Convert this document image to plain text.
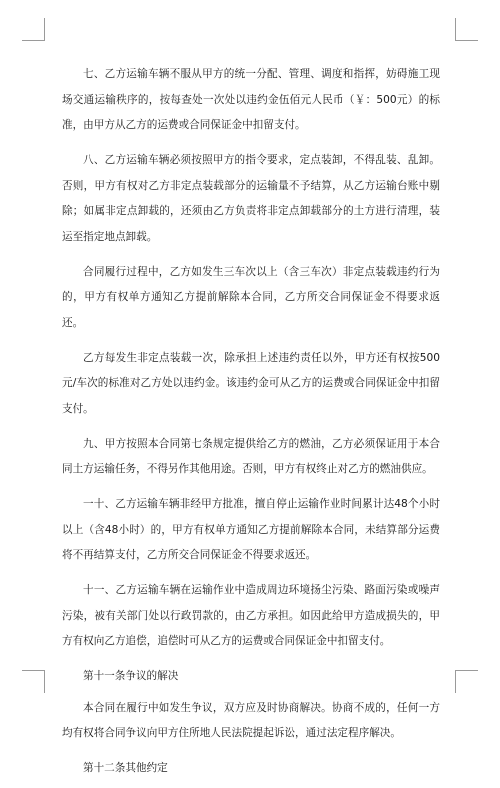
七、乙方运输车辆不服从甲方的统一分配、管理、调度和指挥，妨碍施工现场交通运输秩序的，按每查处一次处以违约金伍佰元人民币（￥：500元）的标准，由甲方从乙方的运费或合同保证金中扣留支付。

八、乙方运输车辆必须按照甲方的指令要求，定点装卸，不得乱装、乱卸。否则，甲方有权对乙方非定点装载部分的运输量不予结算，从乙方运输台账中剔除；如属非定点卸载的，还须由乙方负责将非定点卸载部分的土方进行清理，装运至指定地点卸载。

合同履行过程中，乙方如发生三车次以上（含三车次）非定点装载违约行为的，甲方有权单方通知乙方提前解除本合同，乙方所交合同保证金不得要求返还。

乙方每发生非定点装载一次，除承担上述违约责任以外，甲方还有权按500元/车次的标准对乙方处以违约金。该违约金可从乙方的运费或合同保证金中扣留支付。

九、甲方按照本合同第七条规定提供给乙方的燃油，乙方必须保证用于本合同土方运输任务，不得另作其他用途。否则，甲方有权终止对乙方的燃油供应。

一十、乙方运输车辆非经甲方批准，擅自停止运输作业时间累计达48个小时以上（含48小时）的，甲方有权单方通知乙方提前解除本合同，未结算部分运费将不再结算支付，乙方所交合同保证金不得要求返还。

十一、乙方运输车辆在运输作业中造成周边环境扬尘污染、路面污染或噪声污染，被有关部门处以行政罚款的，由乙方承担。如因此给甲方造成损失的，甲方有权向乙方追偿，追偿时可从乙方的运费或合同保证金中扣留支付。

第十一条争议的解决

本合同在履行中如发生争议，双方应及时协商解决。协商不成的，任何一方均有权将合同争议向甲方住所地人民法院提起诉讼，通过法定程序解决。

第十二条其他约定
